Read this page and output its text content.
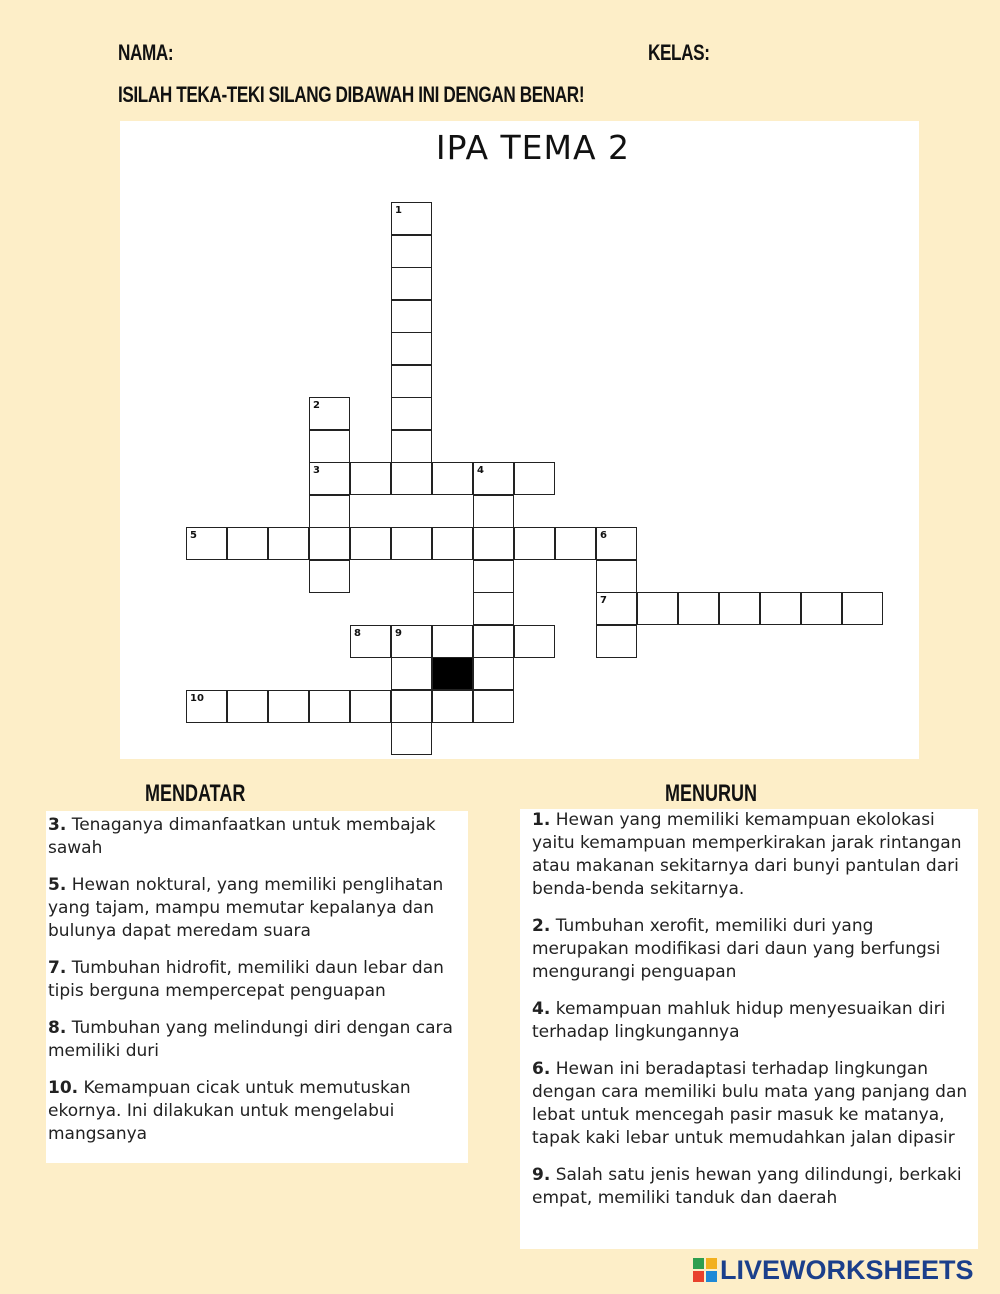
NAMA:	KELAS:
ISILAH TEKA-TEKI SILANG DIBAWAH INI DENGAN BENAR!
IPA TEMA 2
1
2
3	4
5	6
7
8	9
10
MENDATAR	MENURUN

3. Tenaganya dimanfaatkan untuk membajak sawah

5. Hewan noktural, yang memiliki penglihatan yang tajam, mampu memutar kepalanya dan bulunya dapat meredam suara

7. Tumbuhan hidrofit, memiliki daun lebar dan tipis berguna mempercepat penguapan

8. Tumbuhan yang melindungi diri dengan cara memiliki duri

10. Kemampuan cicak untuk memutuskan ekornya. Ini dilakukan untuk mengelabui mangsanya

1. Hewan yang memiliki kemampuan ekolokasi yaitu kemampuan memperkirakan jarak rintangan atau makanan sekitarnya dari bunyi pantulan dari benda-benda sekitarnya.

2. Tumbuhan xerofit, memiliki duri yang merupakan modifikasi dari daun yang berfungsi mengurangi penguapan

4. kemampuan mahluk hidup menyesuaikan diri terhadap lingkungannya

6. Hewan ini beradaptasi terhadap lingkungan dengan cara memiliki bulu mata yang panjang dan lebat untuk mencegah pasir masuk ke matanya, tapak kaki lebar untuk memudahkan jalan dipasir

9. Salah satu jenis hewan yang dilindungi, berkaki empat, memiliki tanduk dan daerah

LIVEWORKSHEETS
